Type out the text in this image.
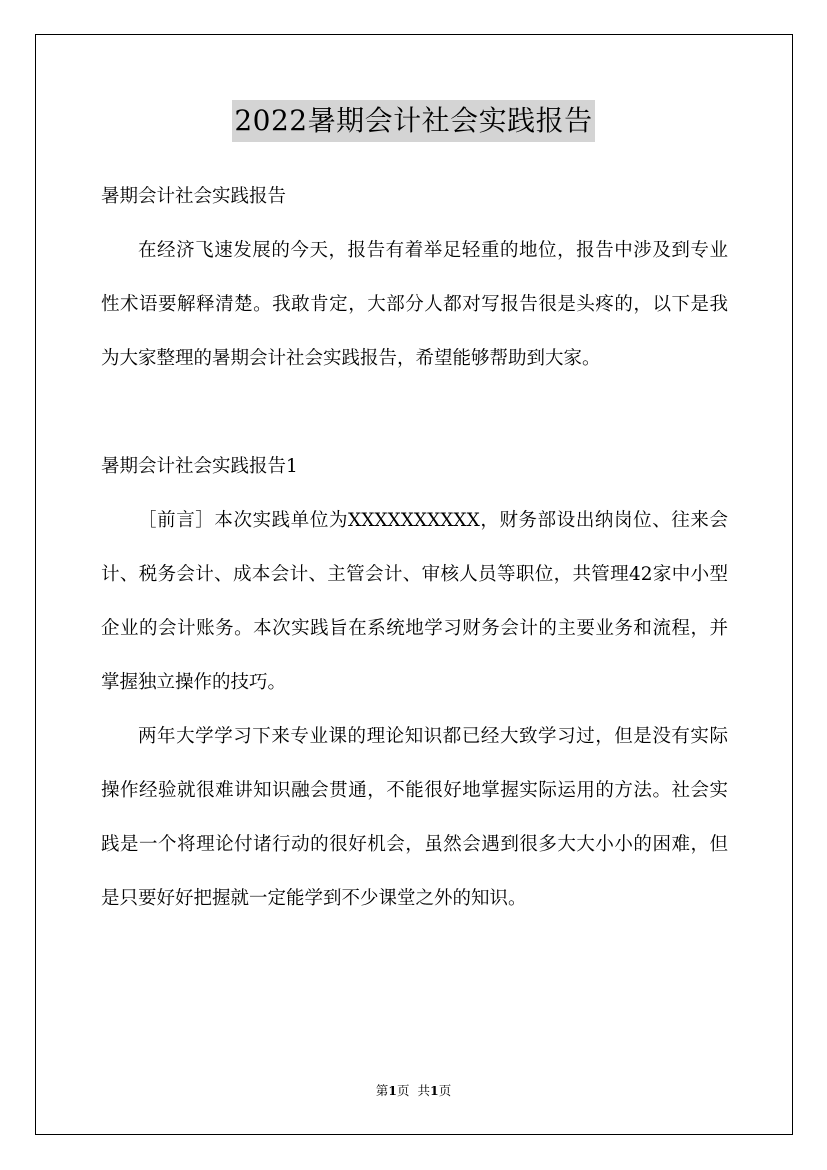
2022暑期会计社会实践报告

暑期会计社会实践报告

在经济飞速发展的今天，报告有着举足轻重的地位，报告中涉及到专业性术语要解释清楚。我敢肯定，大部分人都对写报告很是头疼的，以下是我为大家整理的暑期会计社会实践报告，希望能够帮助到大家。

暑期会计社会实践报告1

［前言］本次实践单位为XXXXXXXXXX，财务部设出纳岗位、往来会计、税务会计、成本会计、主管会计、审核人员等职位，共管理42家中小型企业的会计账务。本次实践旨在系统地学习财务会计的主要业务和流程，并掌握独立操作的技巧。

两年大学学习下来专业课的理论知识都已经大致学习过，但是没有实际操作经验就很难讲知识融会贯通，不能很好地掌握实际运用的方法。社会实践是一个将理论付诸行动的很好机会，虽然会遇到很多大大小小的困难，但是只要好好把握就一定能学到不少课堂之外的知识。

第1页 共1页
